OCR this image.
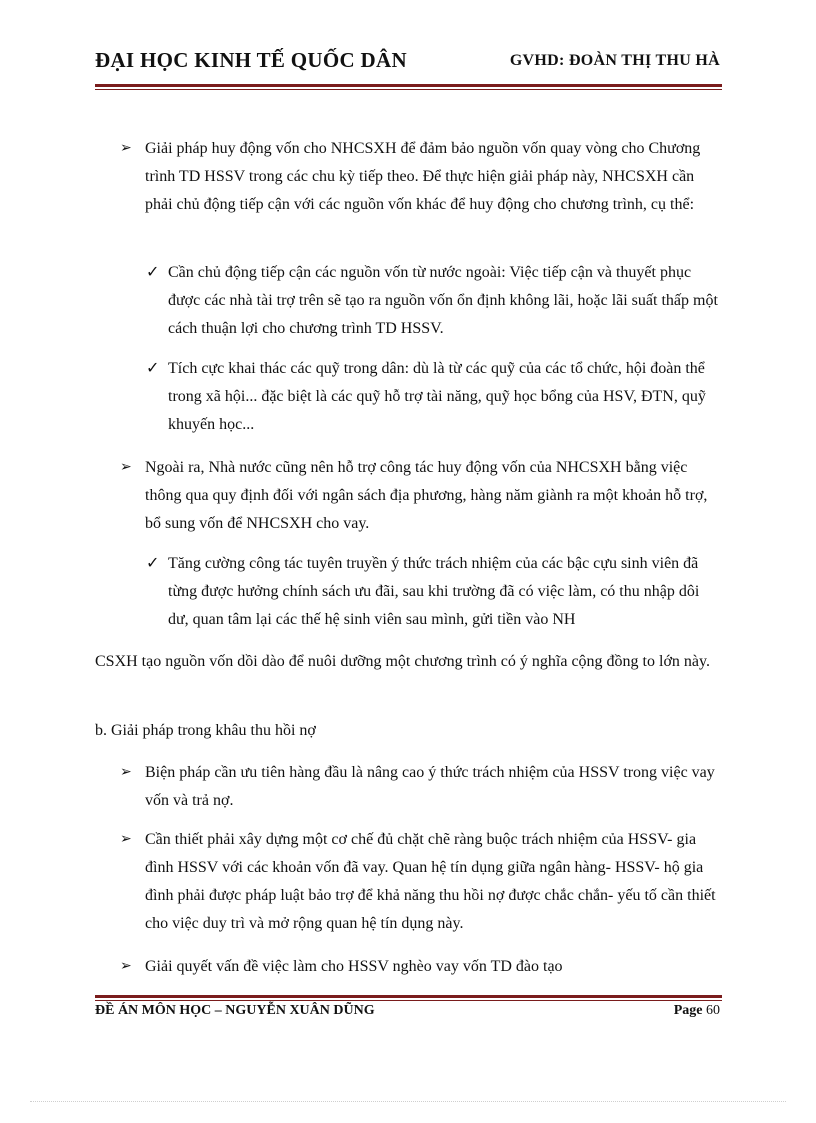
ĐẠI HỌC KINH TẾ QUỐC DÂN	GVHD: ĐOÀN THỊ THU HÀ
➢ Giải pháp huy động vốn cho NHCSXH để đảm bảo nguồn vốn quay vòng cho Chương trình TD HSSV trong các chu kỳ tiếp theo. Để thực hiện giải pháp này, NHCSXH cần phải chủ động tiếp cận với các nguồn vốn khác để huy động cho chương trình, cụ thể:

✓ Cần chủ động tiếp cận các nguồn vốn từ nước ngoài: Việc tiếp cận và thuyết phục được các nhà tài trợ trên sẽ tạo ra nguồn vốn ổn định không lãi, hoặc lãi suất thấp một cách thuận lợi cho chương trình TD HSSV.

✓ Tích cực khai thác các quỹ trong dân: dù là từ các quỹ của các tổ chức, hội đoàn thể trong xã hội... đặc biệt là các quỹ hỗ trợ tài năng, quỹ học bổng của HSV, ĐTN, quỹ khuyến học...

➢ Ngoài ra, Nhà nước cũng nên hỗ trợ công tác huy động vốn của NHCSXH bằng việc thông qua quy định đối với ngân sách địa phương, hàng năm giành ra một khoản hỗ trợ, bổ sung vốn để NHCSXH cho vay.

✓ Tăng cường công tác tuyên truyền ý thức trách nhiệm của các bậc cựu sinh viên đã từng được hưởng chính sách ưu đãi, sau khi trường đã có việc làm, có thu nhập dôi dư, quan tâm lại các thế hệ sinh viên sau mình, gửi tiền vào NH

CSXH tạo nguồn vốn dồi dào để nuôi dưỡng một chương trình có ý nghĩa cộng đồng to lớn này.

b. Giải pháp trong khâu thu hồi nợ

➢ Biện pháp cần ưu tiên hàng đầu là nâng cao ý thức trách nhiệm của HSSV trong việc vay vốn và trả nợ.

➢ Cần thiết phải xây dựng một cơ chế đủ chặt chẽ ràng buộc trách nhiệm của HSSV- gia đình HSSV với các khoản vốn đã vay. Quan hệ tín dụng giữa ngân hàng- HSSV- hộ gia đình phải được pháp luật bảo trợ để khả năng thu hồi nợ được chắc chắn- yếu tố cần thiết cho việc duy trì và mở rộng quan hệ tín dụng này.

➢ Giải quyết vấn đề việc làm cho HSSV nghèo vay vốn TD đào tạo

ĐỀ ÁN MÔN HỌC – NGUYỄN XUÂN DŨNG	Page 60
